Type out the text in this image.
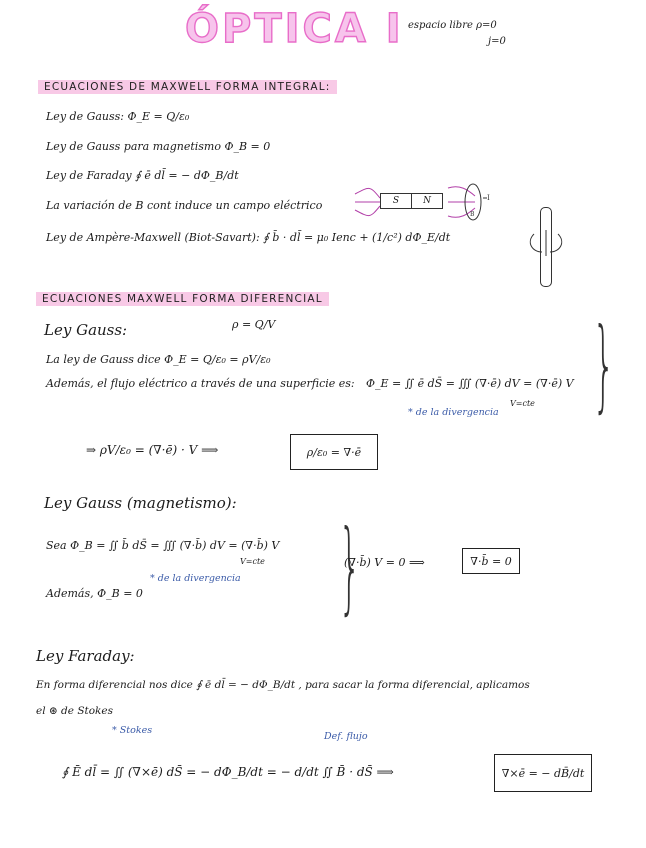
ÓPTICA I espacio libre ρ=0
j=0
ECUACIONES DE MAXWELL FORMA INTEGRAL:
Ley de Gauss: Φ_E = Q/ε₀
Ley de Gauss para magnetismo Φ_B = 0
Ley de Faraday ∮ ē dl̄ = − dΦ_B/dt
La variación de B cont induce un campo eléctrico
B
I
S	N
Ley de Ampère-Maxwell (Biot-Savart): ∮ b̄ · dl̄ = μ₀ Ienc + (1/c²) dΦ_E/dt
ECUACIONES MAXWELL FORMA DIFERENCIAL
Ley Gauss:	ρ = Q/V
La ley de Gauss dice Φ_E = Q/ε₀ = ρV/ε₀
Además, el flujo eléctrico a través de una superficie es: Φ_E = ∬ ē dS̄ = ∭ (∇·ē) dV = (∇·ē) V
V=cte
* de la divergencia }
⇒ ρV/ε₀ = (∇·ē) · V ⟹	ρ/ε₀ = ∇·ē
Ley Gauss (magnetismo):
Sea Φ_B = ∬ b̄ dS̄ = ∭ (∇·b̄) dV = (∇·b̄) V
V=cte
* de la divergencia
Además, Φ_B = 0 }
(∇·b̄) V = 0 ⟹	∇·b̄ = 0
Ley Faraday:
En forma diferencial nos dice ∮ ē dl̄ = − dΦ_B/dt , para sacar la forma diferencial, aplicamos
el ⊛ de Stokes
* Stokes
Def. flujo
∮ Ē dl̄ = ∬ (∇×ē) dS̄ = − dΦ_B/dt = − d/dt ∬ B̄ · dS̄ ⟹	∇×ē = − dB̄/dt
